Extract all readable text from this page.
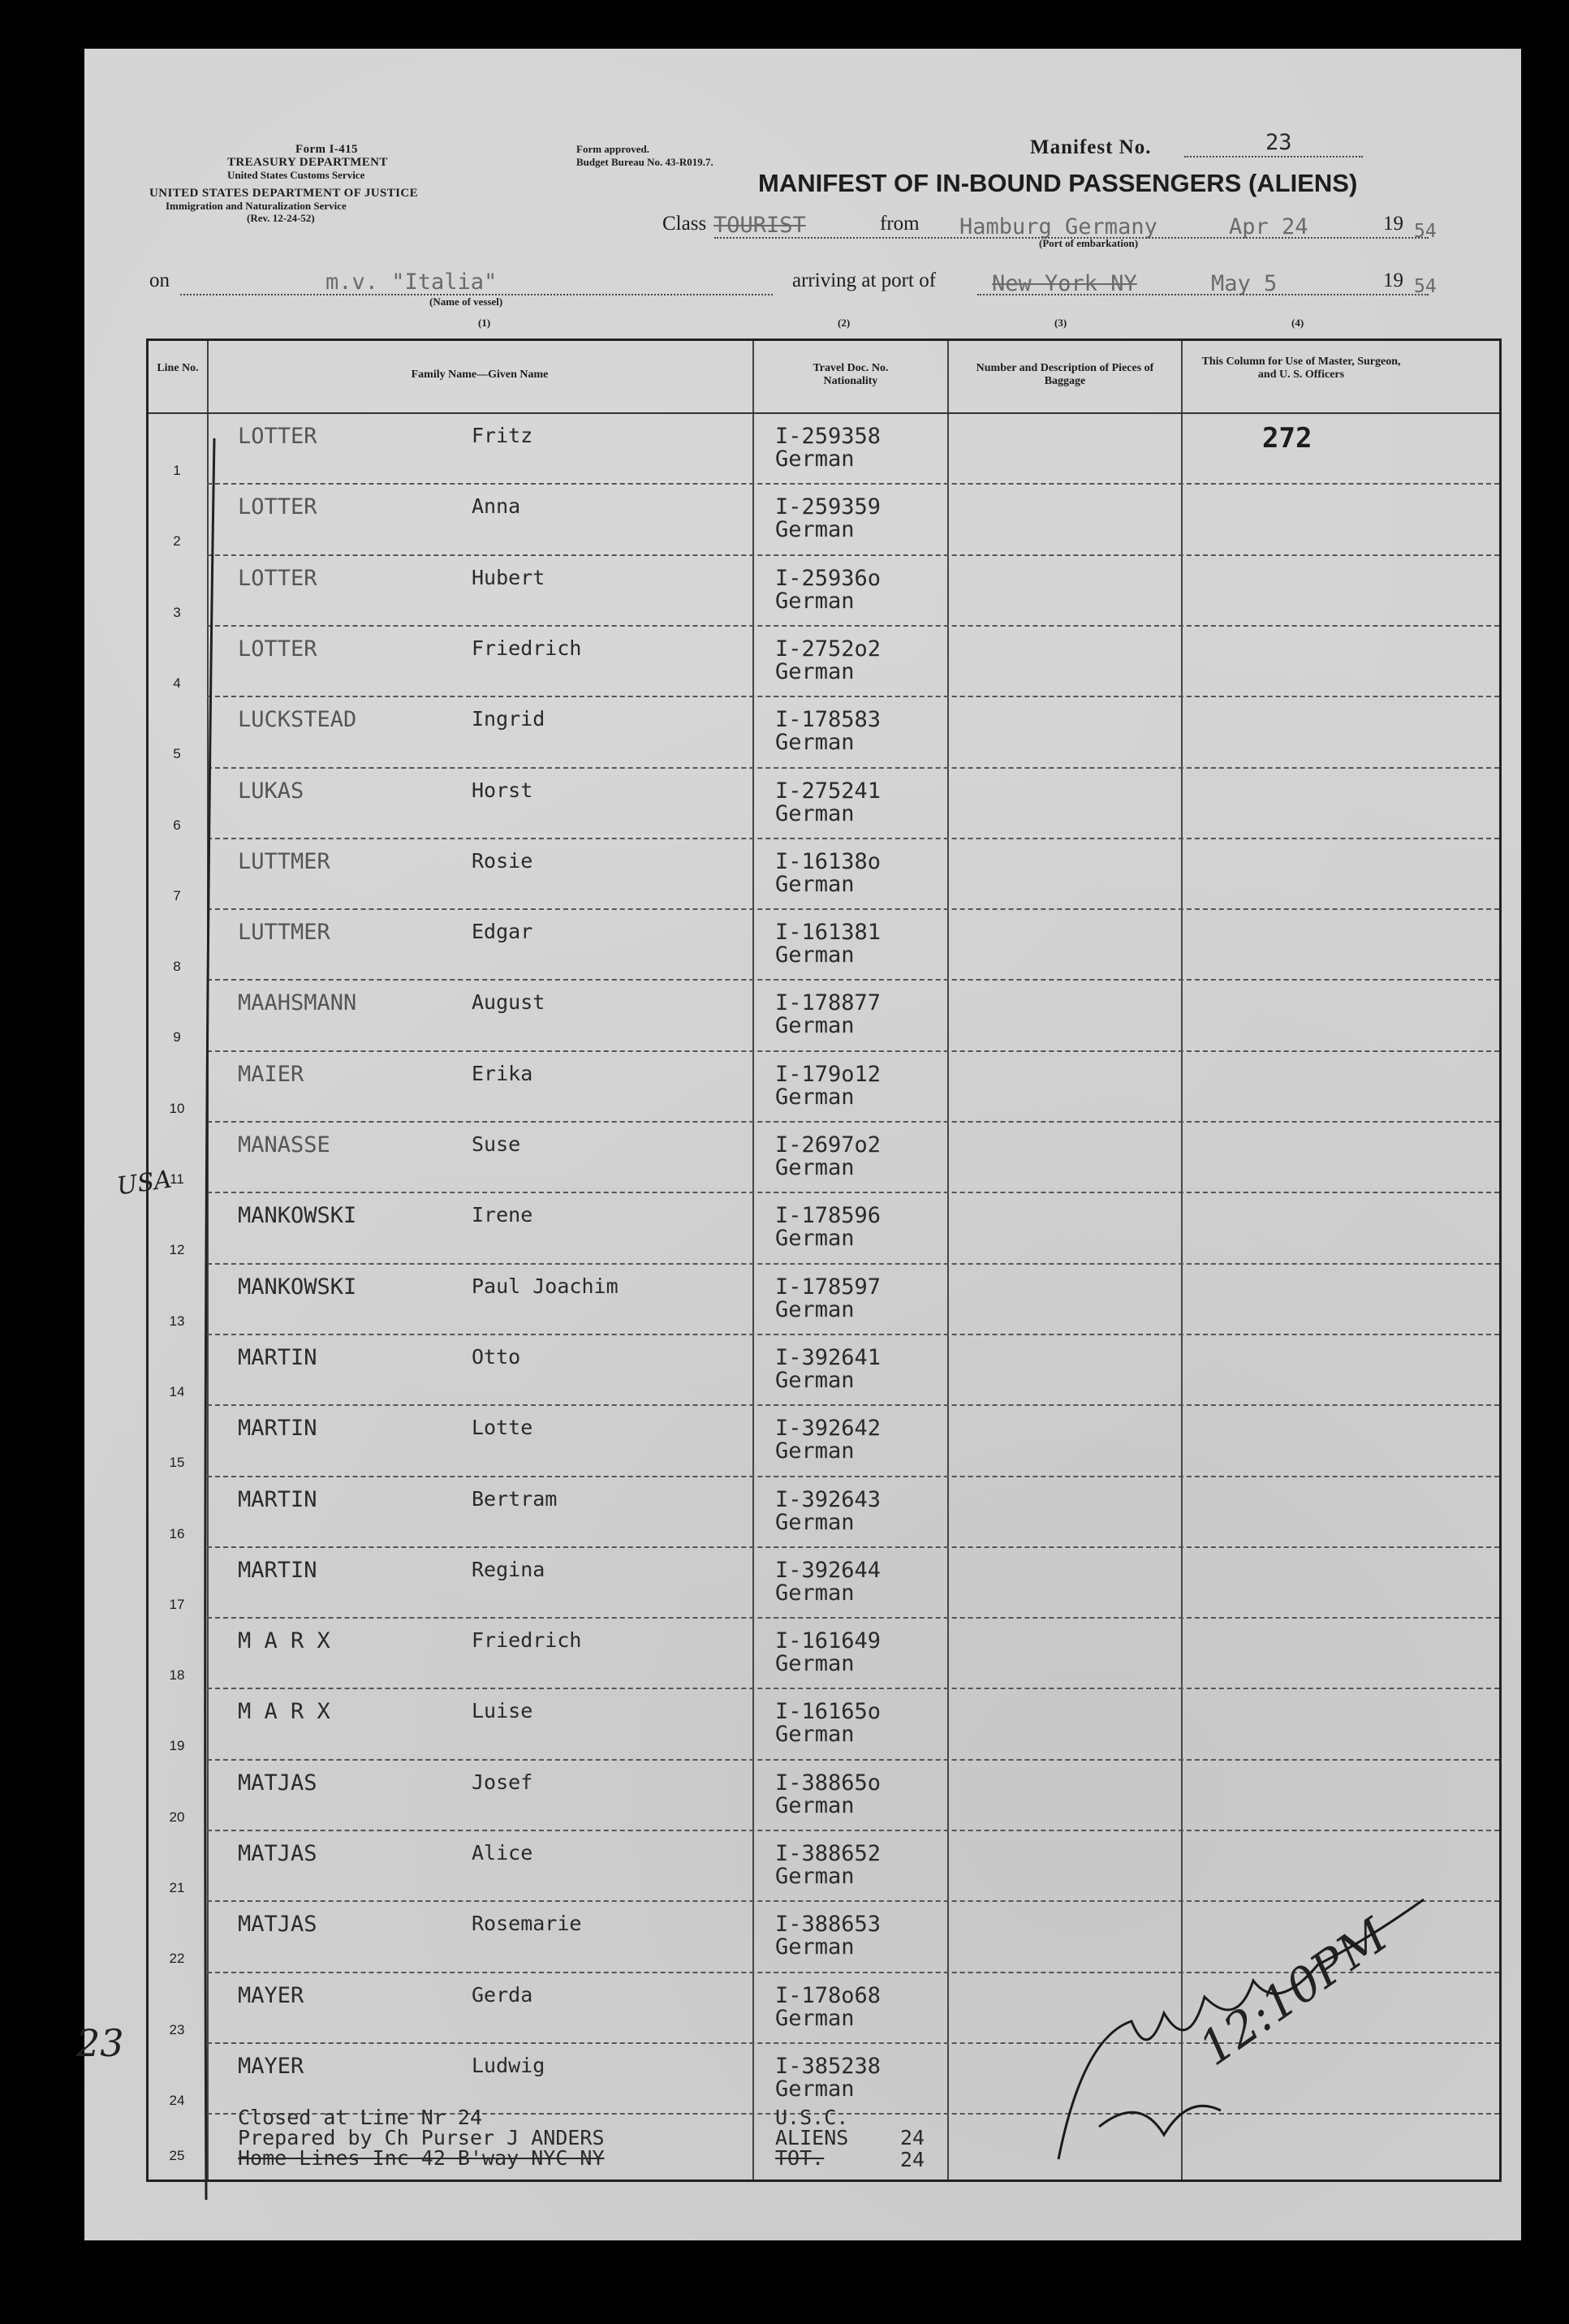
Form I-415
TREASURY DEPARTMENT
United States Customs Service
UNITED STATES DEPARTMENT OF JUSTICE
Immigration and Naturalization Service
(Rev. 12-24-52)
Form approved.
Budget Bureau No. 43-R019.7.
Manifest No.	23
MANIFEST OF IN-BOUND PASSENGERS (ALIENS)
Class TOURIST	from Hamburg Germany	Apr 24	19 54
(Port of embarkation)
on	m.v. "Italia"
(Name of vessel)
arriving at port of	New York NY	May 5	19 54
(1)	(2)	(3)	(4)
Line No.
Family Name—Given Name
Travel Doc. No. Nationality
Number and Description of Pieces of Baggage
This Column for Use of Master, Surgeon, and U. S. Officers
272
1
LOTTER	Fritz	I-259358
German
2
LOTTER	Anna	I-259359
German
3
LOTTER	Hubert	I-25936o
German
4
LOTTER	Friedrich	I-2752o2
German
5
LUCKSTEAD	Ingrid	I-178583
German
6
LUKAS	Horst	I-275241
German
7
LUTTMER	Rosie	I-16138o
German
8
LUTTMER	Edgar	I-161381
German
9
MAAHSMANN	August	I-178877
German
10
MAIER	Erika	I-179o12
German
11
MANASSE	Suse	I-2697o2
German
12
MANKOWSKI	Irene	I-178596
German
13
MANKOWSKI	Paul Joachim	I-178597
German
14
MARTIN	Otto	I-392641
German
15
MARTIN	Lotte	I-392642
German
16
MARTIN	Bertram	I-392643
German
17
MARTIN	Regina	I-392644
German
18
M A R X	Friedrich	I-161649
German
19
M A R X	Luise	I-16165o
German
20
MATJAS	Josef	I-38865o
German
21
MATJAS	Alice	I-388652
German
22
MATJAS	Rosemarie	I-388653
German
23
MAYER	Gerda	I-178o68
German
24
MAYER	Ludwig	I-385238
German
25
Closed at Line Nr 24
Prepared by Ch Purser J ANDERS
Home Lines Inc 42 B'way NYC NY
U.S.C.
ALIENS	24
TOT.	24
23
USA
12:10PM
